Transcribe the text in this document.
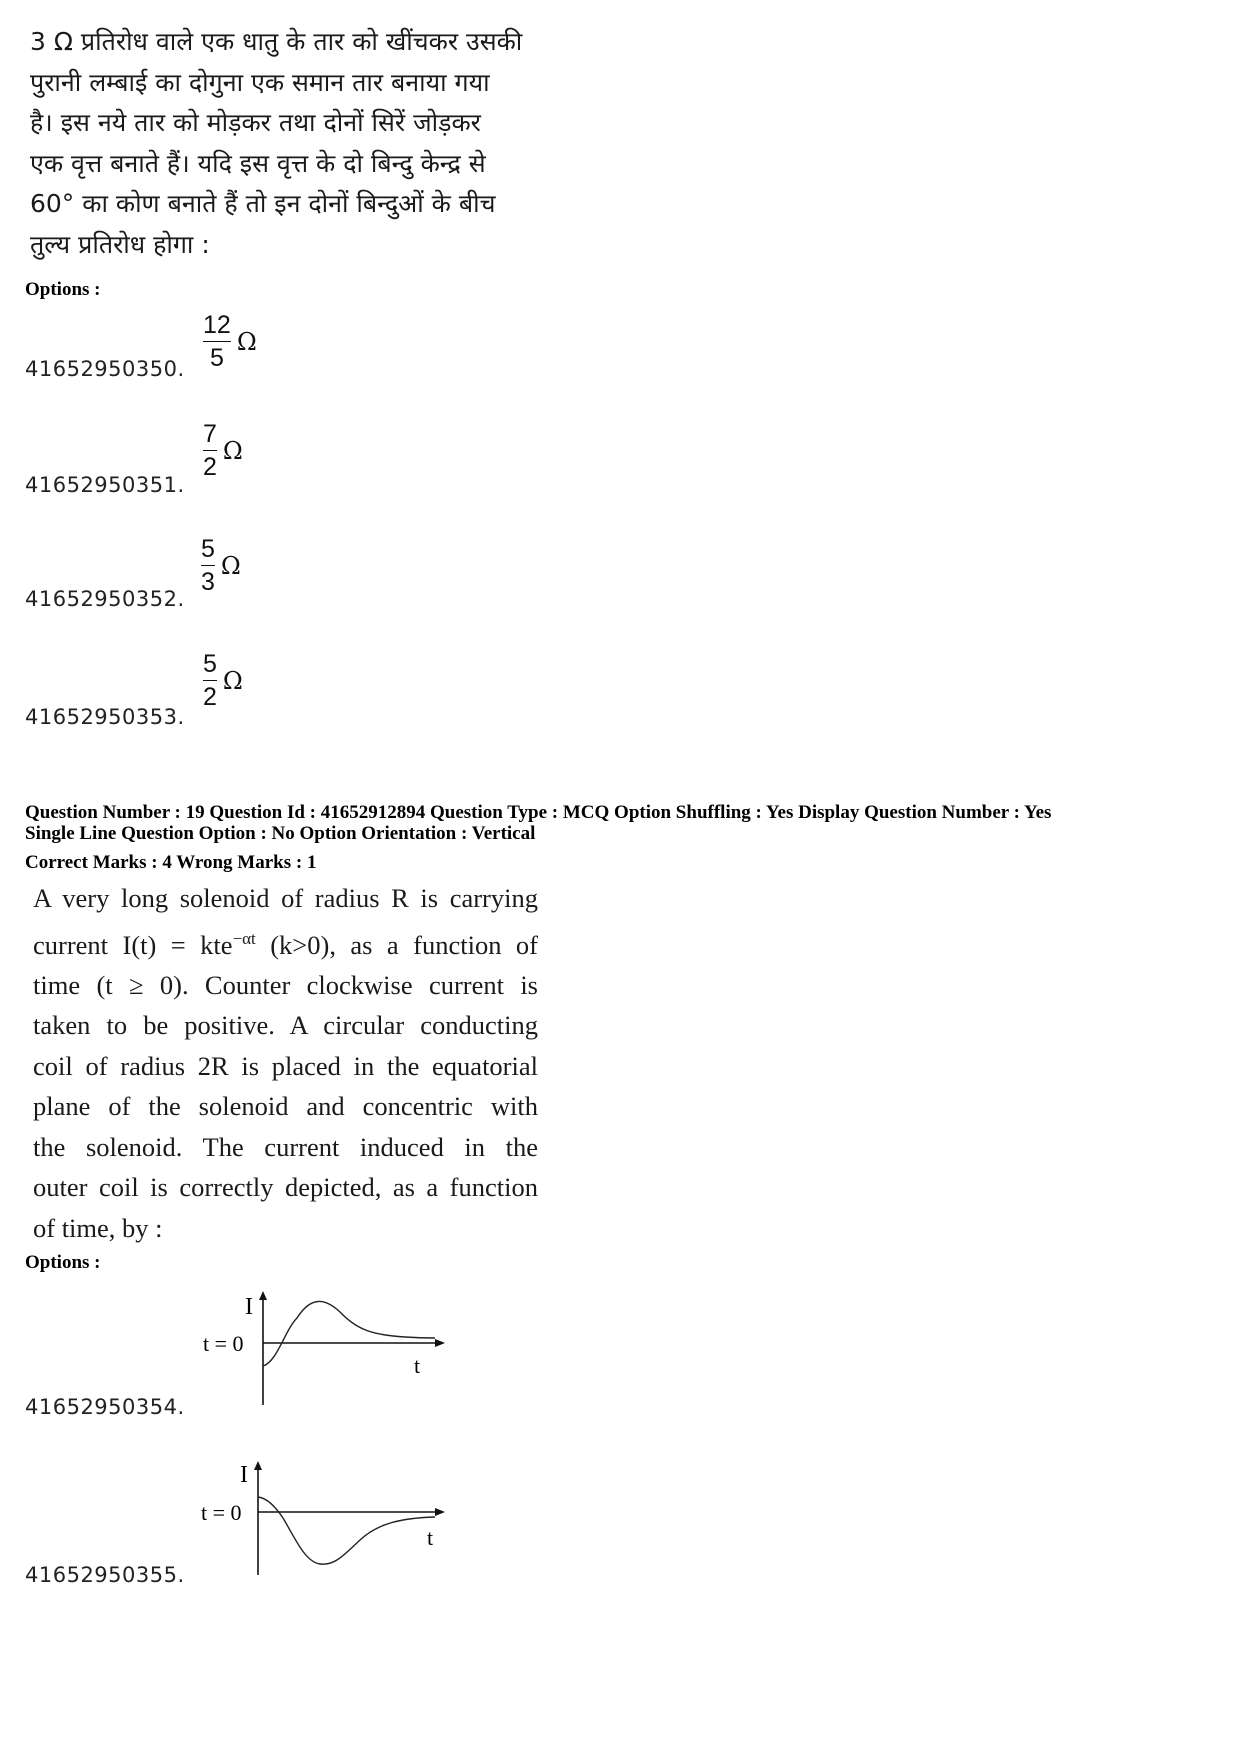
3 Ω प्रतिरोध वाले एक धातु के तार को खींचकर उसकी
पुरानी लम्बाई का दोगुना एक समान तार बनाया गया
है। इस नये तार को मोड़कर तथा दोनों सिरें जोड़कर
एक वृत्त बनाते हैं। यदि इस वृत्त के दो बिन्दु केन्द्र से
60° का कोण बनाते हैं तो इन दोनों बिन्दुओं के बीच
तुल्य प्रतिरोध होगा :
Options :
$\frac{12}{5}$ Ω
41652950350.
$\frac{7}{2}$ Ω
41652950351.
$\frac{5}{3}$ Ω
41652950352.
$\frac{5}{2}$ Ω
41652950353.
Question Number : 19 Question Id : 41652912894 Question Type : MCQ Option Shuffling : Yes Display Question Number : Yes
Single Line Question Option : No Option Orientation : Vertical
Correct Marks : 4 Wrong Marks : 1
A very long solenoid of radius R is carrying
current I(t) = kte$^{-\alpha t}$ (k>0), as a function of
time (t ≥ 0). Counter clockwise current is
taken to be positive. A circular conducting
coil of radius 2R is placed in the equatorial
plane of the solenoid and concentric with
the solenoid. The current induced in the
outer coil is correctly depicted, as a function
of time, by :
Options :
I
t = 0
t
41652950354.
I
t = 0
t
41652950355.
